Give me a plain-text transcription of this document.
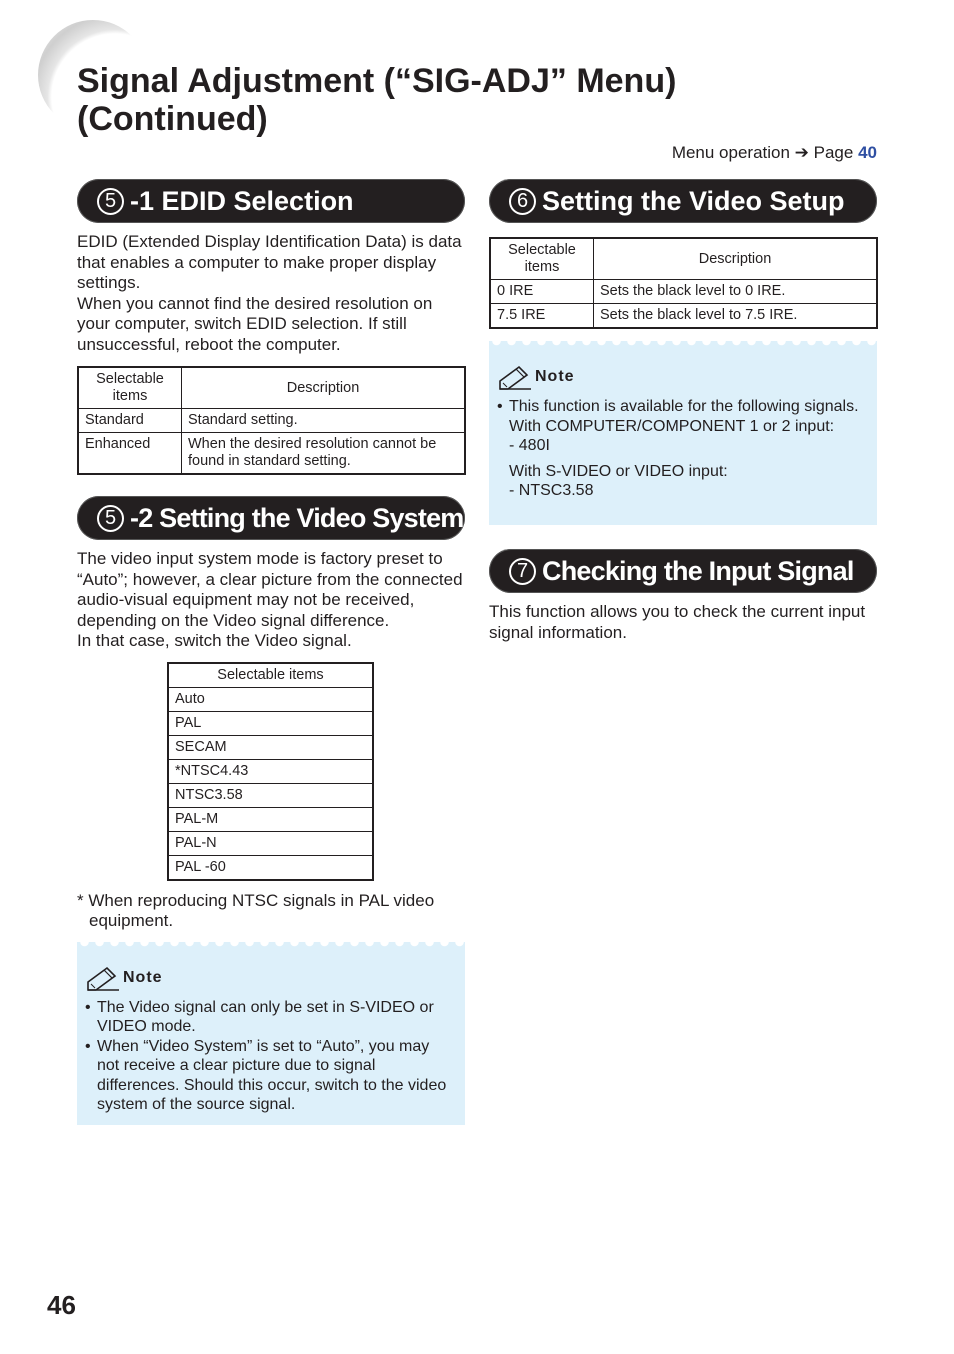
Signal Adjustment (“SIG-ADJ” Menu)
(Continued)
Menu operation ➔ Page 40
5 -1 EDID Selection

EDID (Extended Display Identification Data) is data that enables a computer to make proper display settings.

When you cannot find the desired resolution on your computer, switch EDID selection. If still unsuccessful, reboot the computer.

Selectable items	Description
Standard	Standard setting.
Enhanced	When the desired resolution cannot be found in standard setting.
5 -2 Setting the Video System

The video input system mode is factory preset to “Auto”; however, a clear picture from the connected audio-visual equipment may not be received, depending on the Video signal difference.

In that case, switch the Video signal.

Selectable items
Auto
PAL
SECAM
*NTSC4.43
NTSC3.58
PAL-M
PAL-N
PAL -60
* When reproducing NTSC signals in PAL video equipment.
Note
• The Video signal can only be set in S-VIDEO or VIDEO mode.
• When “Video System” is set to “Auto”, you may not receive a clear picture due to signal differences. Should this occur, switch to the video system of the source signal.
6 Setting the Video Setup
Selectable items	Description
0 IRE	Sets the black level to 0 IRE.
7.5 IRE	Sets the black level to 7.5 IRE.
Note
• This function is available for the following signals.
With COMPUTER/COMPONENT 1 or 2 input:
- 480I
With S-VIDEO or VIDEO input:
- NTSC3.58
7 Checking the Input Signal

This function allows you to check the current input signal information.

46
